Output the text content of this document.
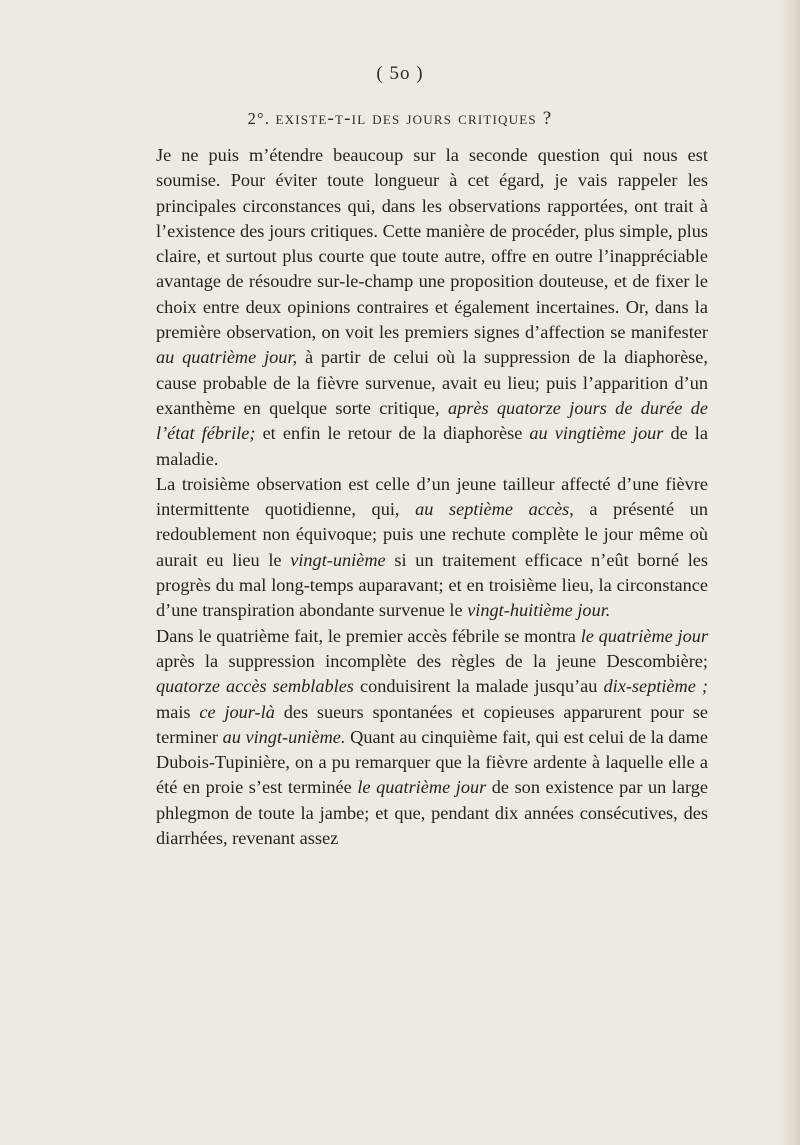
( 5o )
2°. existe-t-il des jours critiques ?

Je ne puis m’étendre beaucoup sur la seconde question qui nous est soumise. Pour éviter toute longueur à cet égard, je vais rappeler les principales circonstances qui, dans les observations rapportées, ont trait à l’existence des jours critiques. Cette manière de procéder, plus simple, plus claire, et surtout plus courte que toute autre, offre en outre l’inappréciable avantage de résoudre sur-le-champ une proposition douteuse, et de fixer le choix entre deux opinions contraires et également incertaines. Or, dans la première observation, on voit les premiers signes d’affection se manifester au quatrième jour, à partir de celui où la suppression de la diaphorèse, cause probable de la fièvre survenue, avait eu lieu; puis l’apparition d’un exanthème en quelque sorte critique, après quatorze jours de durée de l’état fébrile; et enfin le retour de la diaphorèse au vingtième jour de la maladie.

La troisième observation est celle d’un jeune tailleur affecté d’une fièvre intermittente quotidienne, qui, au septième accès, a présenté un redoublement non équivoque; puis une rechute complète le jour même où aurait eu lieu le vingt-unième si un traitement efficace n’eût borné les progrès du mal long-temps auparavant; et en troisième lieu, la circonstance d’une transpiration abondante survenue le vingt-huitième jour.

Dans le quatrième fait, le premier accès fébrile se montra le quatrième jour après la suppression incomplète des règles de la jeune Descombière; quatorze accès semblables conduisirent la malade jusqu’au dix-septième ; mais ce jour-là des sueurs spontanées et copieuses apparurent pour se terminer au vingt-unième. Quant au cinquième fait, qui est celui de la dame Dubois-Tupinière, on a pu remarquer que la fièvre ardente à laquelle elle a été en proie s’est terminée le quatrième jour de son existence par un large phlegmon de toute la jambe; et que, pendant dix années consécutives, des diarrhées, revenant assez
